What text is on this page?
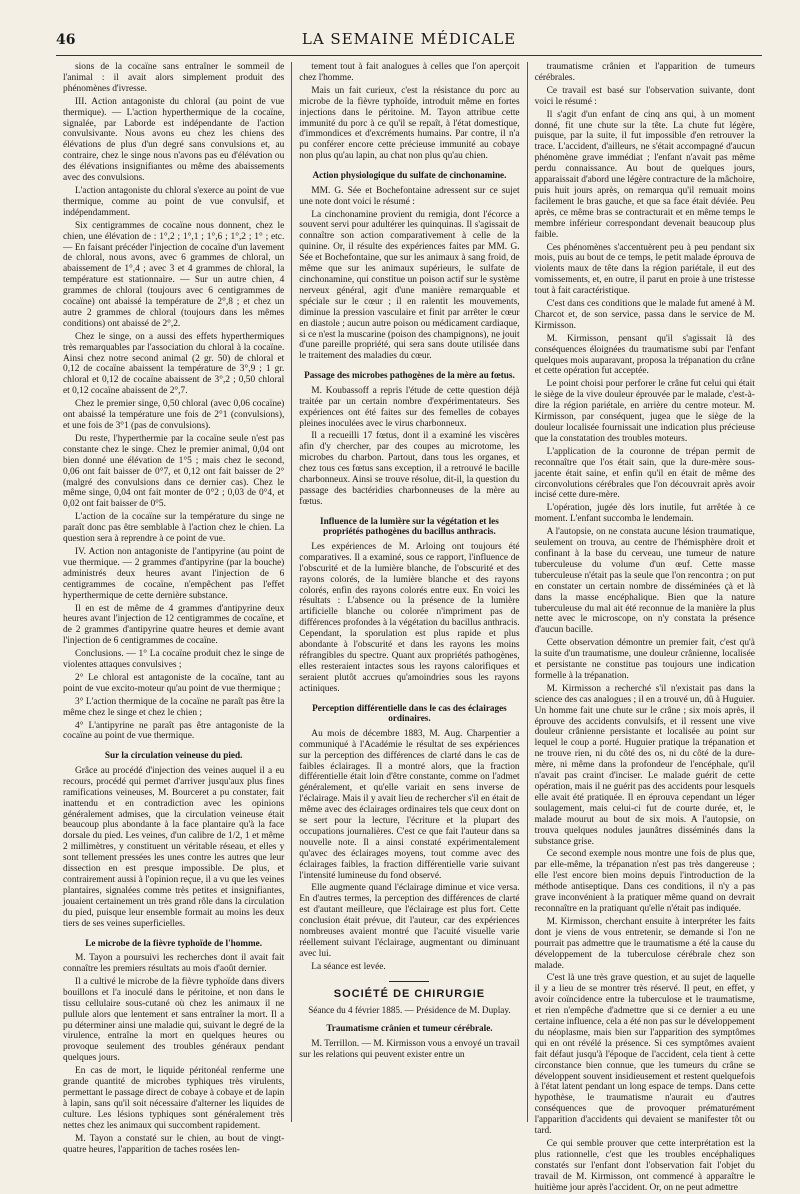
46	LA SEMAINE MÉDICALE

sions de la cocaïne sans entraîner le sommeil de l'animal : il avait alors simplement produit des phénomènes d'ivresse.

III. Action antagoniste du chloral (au point de vue thermique). — L'action hyperthermique de la cocaïne, signalée, par Laborde est indépendante de l'action convulsivante. Nous avons eu chez les chiens des élévations de plus d'un degré sans convulsions et, au contraire, chez le singe nous n'avons pas eu d'élévation ou des élévations insignifiantes ou même des abaissements avec des convulsions.

L'action antagoniste du chloral s'exerce au point de vue thermique, comme au point de vue convulsif, et indépendamment.

Six centigrammes de cocaïne nous donnent, chez le chien, une élévation de : 1°,2 ; 1°,1 ; 1°,6 ; 1°,2 ; 1° ; etc. — En faisant précéder l'injection de cocaïne d'un lavement de chloral, nous avons, avec 6 grammes de chloral, un abaissement de 1°,4 ; avec 3 et 4 grammes de chloral, la température est stationnaire. — Sur un autre chien, 4 grammes de chloral (toujours avec 6 centigrammes de cocaïne) ont abaissé la température de 2°,8 ; et chez un autre 2 grammes de chloral (toujours dans les mêmes conditions) ont abaissé de 2°,2.

Chez le singe, on a aussi des effets hyperthermiques très remarquables par l'association du chloral à la cocaïne. Ainsi chez notre second animal (2 gr. 50) de chloral et 0,12 de cocaïne abaissent la température de 3°,9 ; 1 gr. chloral et 0,12 de cocaïne abaissent de 3°,2 ; 0,50 chloral et 0,12 cocaïne abaissent de 2°,7.

Chez le premier singe, 0,50 chloral (avec 0,06 cocaïne) ont abaissé la température une fois de 2°1 (convulsions), et une fois de 3°1 (pas de convulsions).

Du reste, l'hyperthermie par la cocaïne seule n'est pas constante chez le singe. Chez le premier animal, 0,04 ont bien donné une élévation de 1°5 ; mais chez le second, 0,06 ont fait baisser de 0°7, et 0,12 ont fait baisser de 2° (malgré des convulsions dans ce dernier cas). Chez le même singe, 0,04 ont fait monter de 0°2 ; 0,03 de 0°4, et 0,02 ont fait baisser de 0°5.

L'action de la cocaïne sur la température du singe ne paraît donc pas être semblable à l'action chez le chien. La question sera à reprendre à ce point de vue.

IV. Action non antagoniste de l'antipyrine (au point de vue thermique. — 2 grammes d'antipyrine (par la bouche) administrés deux heures avant l'injection de 6 centigrammes de cocaïne, n'empêchent pas l'effet hyperthermique de cette dernière substance.

Il en est de même de 4 grammes d'antipyrine deux heures avant l'injection de 12 centigrammes de cocaïne, et de 2 grammes d'antipyrine quatre heures et demie avant l'injection de 6 centigrammes de cocaïne.

Conclusions. — 1° La cocaïne produit chez le singe de violentes attaques convulsives ;

2° Le chloral est antagoniste de la cocaïne, tant au point de vue excito-moteur qu'au point de vue thermique ;

3° L'action thermique de la cocaïne ne paraît pas être la même chez le singe et chez le chien ;

4° L'antipyrine ne paraît pas être antagoniste de la cocaïne au point de vue thermique.

Sur la circulation veineuse du pied.

Grâce au procédé d'injection des veines auquel il a eu recours, procédé qui permet d'arriver jusqu'aux plus fines ramifications veineuses, M. Bourceret a pu constater, fait inattendu et en contradiction avec les opinions généralement admises, que la circulation veineuse était beaucoup plus abondante à la face plantaire qu'à la face dorsale du pied. Les veines, d'un calibre de 1/2, 1 et même 2 millimètres, y constituent un véritable réseau, et elles y sont tellement pressées les unes contre les autres que leur dissection en est presque impossible. De plus, et contrairement aussi à l'opinion reçue, il a vu que les veines plantaires, signalées comme très petites et insignifiantes, jouaient certainement un très grand rôle dans la circulation du pied, puisque leur ensemble formait au moins les deux tiers de ses veines superficielles.

Le microbe de la fièvre typhoïde de l'homme.

M. Tayon a poursuivi les recherches dont il avait fait connaître les premiers résultats au mois d'août dernier.

Il a cultivé le microbe de la fièvre typhoïde dans divers bouillons et l'a inoculé dans le péritoine, et non dans le tissu cellulaire sous-cutané où chez les animaux il ne pullule alors que lentement et sans entraîner la mort. Il a pu déterminer ainsi une maladie qui, suivant le degré de la virulence, entraîne la mort en quelques heures ou provoque seulement des troubles généraux pendant quelques jours.

En cas de mort, le liquide péritonéal renferme une grande quantité de microbes typhiques très virulents, permettant le passage direct de cobaye à cobaye et de lapin à lapin, sans qu'il soit nécessaire d'alterner les liquides de culture. Les lésions typhiques sont généralement très nettes chez les animaux qui succombent rapidement.

M. Tayon a constaté sur le chien, au bout de vingt-quatre heures, l'apparition de taches rosées len-

tement tout à fait analogues à celles que l'on aperçoit chez l'homme.

Mais un fait curieux, c'est la résistance du porc au microbe de la fièvre typhoïde, introduit même en fortes injections dans le péritoine. M. Tayon attribue cette immunité du porc à ce qu'il se repaît, à l'état domestique, d'immondices et d'excréments humains. Par contre, il n'a pu conférer encore cette précieuse immunité au cobaye non plus qu'au lapin, au chat non plus qu'au chien.

Action physiologique du sulfate de cinchonamine.

MM. G. Sée et Bochefontaine adressent sur ce sujet une note dont voici le résumé :

La cinchonamine provient du remigia, dont l'écorce a souvent servi pour adultérer les quinquinas. Il s'agissait de connaître son action comparativement à celle de la quinine. Or, il résulte des expériences faites par MM. G. Sée et Bochefontaine, que sur les animaux à sang froid, de même que sur les animaux supérieurs, le sulfate de cinchonamine, qui constitue un poison actif sur le système nerveux général, agit d'une manière remarquable et spéciale sur le cœur ; il en ralentit les mouvements, diminue la pression vasculaire et finit par arrêter le cœur en diastole ; aucun autre poison ou médicament cardiaque, si ce n'est la muscarine (poison des champignons), ne jouit d'une pareille propriété, qui sera sans doute utilisée dans le traitement des maladies du cœur.

Passage des microbes pathogènes de la mère au fœtus.

M. Koubassoff a repris l'étude de cette question déjà traitée par un certain nombre d'expérimentateurs. Ses expériences ont été faites sur des femelles de cobayes pleines inoculées avec le virus charbonneux.

Il a recueilli 17 fœtus, dont il a examiné les viscères afin d'y chercher, par des coupes au microtome, les microbes du charbon. Partout, dans tous les organes, et chez tous ces fœtus sans exception, il a retrouvé le bacille charbonneux. Ainsi se trouve résolue, dit-il, la question du passage des bactéridies charbonneuses de la mère au fœtus.

Influence de la lumière sur la végétation et les propriétés pathogènes du bacillus anthracis.

Les expériences de M. Arloing ont toujours été comparatives. Il a examiné, sous ce rapport, l'influence de l'obscurité et de la lumière blanche, de l'obscurité et des rayons colorés, de la lumière blanche et des rayons colorés, enfin des rayons colorés entre eux. En voici les résultats : L'absence ou la présence de la lumière artificielle blanche ou colorée n'impriment pas de différences profondes à la végétation du bacillus anthracis. Cependant, la sporulation est plus rapide et plus abondante à l'obscurité et dans les rayons les moins réfrangibles du spectre. Quant aux propriétés pathogènes, elles resteraient intactes sous les rayons calorifiques et seraient plutôt accrues qu'amoindries sous les rayons actiniques.

Perception différentielle dans le cas des éclairages ordinaires.

Au mois de décembre 1883, M. Aug. Charpentier a communiqué à l'Académie le résultat de ses expériences sur la perception des différences de clarté dans le cas de faibles éclairages. Il a montré alors, que la fraction différentielle était loin d'être constante, comme on l'admet généralement, et qu'elle variait en sens inverse de l'éclairage. Mais il y avait lieu de rechercher s'il en était de même avec des éclairages ordinaires tels que ceux dont on se sert pour la lecture, l'écriture et la plupart des occupations journalières. C'est ce que fait l'auteur dans sa nouvelle note. Il a ainsi constaté expérimentalement qu'avec des éclairages moyens, tout comme avec des éclairages faibles, la fraction différentielle varie suivant l'intensité lumineuse du fond observé.

Elle augmente quand l'éclairage diminue et vice versa. En d'autres termes, la perception des différences de clarté est d'autant meilleure, que l'éclairage est plus fort. Cette conclusion était prévue, dit l'auteur, car des expériences nombreuses avaient montré que l'acuité visuelle varie réellement suivant l'éclairage, augmentant ou diminuant avec lui.

La séance est levée.

SOCIÉTÉ DE CHIRURGIE
Séance du 4 février 1885. — Présidence de M. Duplay.
Traumatisme crânien et tumeur cérébrale.

M. Terrillon. — M. Kirmisson vous a envoyé un travail sur les relations qui peuvent exister entre un

traumatisme crânien et l'apparition de tumeurs cérébrales.

Ce travail est basé sur l'observation suivante, dont voici le résumé :

Il s'agit d'un enfant de cinq ans qui, à un moment donné, fit une chute sur la tête. La chute fut légère, puisque, par la suite, il fut impossible d'en retrouver la trace. L'accident, d'ailleurs, ne s'était accompagné d'aucun phénomène grave immédiat ; l'enfant n'avait pas même perdu connaissance. Au bout de quelques jours, apparaissait d'abord une légère contracture de la mâchoire, puis huit jours après, on remarqua qu'il remuait moins facilement le bras gauche, et que sa face était déviée. Peu après, ce même bras se contracturait et en même temps le membre inférieur correspondant devenait beaucoup plus faible.

Ces phénomènes s'accentuèrent peu à peu pendant six mois, puis au bout de ce temps, le petit malade éprouva de violents maux de tête dans la région pariétale, il eut des vomissements, et, en outre, il parut en proie à une tristesse tout à fait caractéristique.

C'est dans ces conditions que le malade fut amené à M. Charcot et, de son service, passa dans le service de M. Kirmisson.

M. Kirmisson, pensant qu'il s'agissait là des conséquences éloignées du traumatisme subi par l'enfant quelques mois auparavant, proposa la trépanation du crâne et cette opération fut acceptée.

Le point choisi pour perforer le crâne fut celui qui était le siège de la vive douleur éprouvée par le malade, c'est-à-dire la région pariétale, en arrière du centre moteur. M. Kirmisson, par conséquent, jugea que le siège de la douleur localisée fournissait une indication plus précieuse que la constatation des troubles moteurs.

L'application de la couronne de trépan permit de reconnaître que l'os était sain, que la dure-mère sous-jacente était saine, et enfin qu'il en était de même des circonvolutions cérébrales que l'on découvrait après avoir incisé cette dure-mère.

L'opération, jugée dès lors inutile, fut arrêtée à ce moment. L'enfant succomba le lendemain.

A l'autopsie, on ne constata aucune lésion traumatique, seulement on trouva, au centre de l'hémisphère droit et confinant à la base du cerveau, une tumeur de nature tuberculeuse du volume d'un œuf. Cette masse tuberculeuse n'était pas la seule que l'on rencontra ; on put en constater un certain nombre de disséminées çà et là dans la masse encéphalique. Bien que la nature tuberculeuse du mal ait été reconnue de la manière la plus nette avec le microscope, on n'y constata la présence d'aucun bacille.

Cette observation démontre un premier fait, c'est qu'à la suite d'un traumatisme, une douleur crânienne, localisée et persistante ne constitue pas toujours une indication formelle à la trépanation.

M. Kirmisson a recherché s'il n'existait pas dans la science des cas analogues ; il en a trouvé un, dû à Huguier. Un homme fait une chute sur le crâne ; six mois après, il éprouve des accidents convulsifs, et il ressent une vive douleur crânienne persistante et localisée au point sur lequel le coup a porté. Huguier pratique la trépanation et ne trouve rien, ni du côté des os, ni du côté de la dure-mère, ni même dans la profondeur de l'encéphale, qu'il n'avait pas craint d'inciser. Le malade guérit de cette opération, mais il ne guérit pas des accidents pour lesquels elle avait été pratiquée. Il en éprouva cependant un léger soulagement, mais celui-ci fut de courte durée, et, le malade mourut au bout de six mois. A l'autopsie, on trouva quelques nodules jaunâtres disséminés dans la substance grise.

Ce second exemple nous montre une fois de plus que, par elle-même, la trépanation n'est pas très dangereuse ; elle l'est encore bien moins depuis l'introduction de la méthode antiseptique. Dans ces conditions, il n'y a pas grave inconvénient à la pratiquer même quand on devrait reconnaître en la pratiquant qu'elle n'était pas indiquée.

M. Kirmisson, cherchant ensuite à interpréter les faits dont je viens de vous entretenir, se demande si l'on ne pourrait pas admettre que le traumatisme a été la cause du développement de la tuberculose cérébrale chez son malade.

C'est là une très grave question, et au sujet de laquelle il y a lieu de se montrer très réservé. Il peut, en effet, y avoir coïncidence entre la tuberculose et le traumatisme, et rien n'empêche d'admettre que si ce dernier a eu une certaine influence, cela a été non pas sur le développement du néoplasme, mais bien sur l'apparition des symptômes qui en ont révélé la présence. Si ces symptômes avaient fait défaut jusqu'à l'époque de l'accident, cela tient à cette circonstance bien connue, que les tumeurs du crâne se développent souvent insidieusement et restent quelquefois à l'état latent pendant un long espace de temps. Dans cette hypothèse, le traumatisme n'aurait eu d'autres conséquences que de provoquer prématurément l'apparition d'accidents qui devaient se manifester tôt ou tard.

Ce qui semble prouver que cette interprétation est la plus rationnelle, c'est que les troubles encéphaliques constatés sur l'enfant dont l'observation fait l'objet du travail de M. Kirmisson, ont commencé à apparaître le huitième jour après l'accident. Or, on ne peut admettre
